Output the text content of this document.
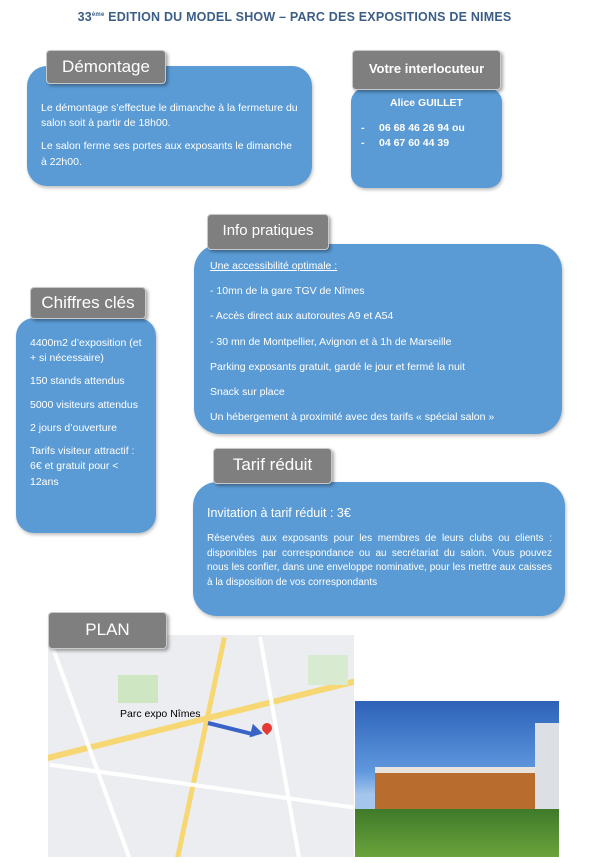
33ème EDITION DU MODEL SHOW – PARC DES EXPOSITIONS DE NIMES

Le démontage s’effectue le dimanche à la fermeture du salon soit à partir de 18h00.

Le salon ferme ses portes aux exposants le dimanche à 22h00.

Démontage
Alice GUILLET
-	06 68 46 26 94 ou
-	04 67 60 44 39
Votre interlocuteur

Une accessibilité optimale :

- 10mn de la gare TGV de Nîmes

- Accès direct aux autoroutes A9 et A54

- 30 mn de Montpellier, Avignon et à 1h de Marseille

Parking exposants gratuit, gardé le jour et fermé la nuit

Snack sur place

Un hébergement à proximité avec des tarifs « spécial salon »

Info pratiques

4400m2 d’exposition (et + si nécessaire)

150 stands attendus

5000 visiteurs attendus

2 jours d’ouverture

Tarifs visiteur attractif : 6€ et gratuit pour < 12ans

Chiffres clés

Invitation à tarif réduit : 3€

Réservées aux exposants pour les membres de leurs clubs ou clients : disponibles par correspondance ou au secrétariat du salon. Vous pouvez nous les confier, dans une enveloppe nominative, pour les mettre aux caisses à la disposition de vos correspondants

Tarif réduit
Parc expo Nîmes
PLAN
